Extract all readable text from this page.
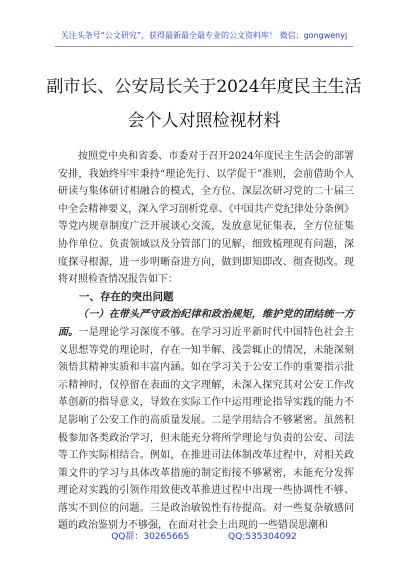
关注头条号“公文研究”，获得最新最全最专业的公文资料库！ 微信：gongwenyj
副市长、公安局长关于2024年度民主生活
会个人对照检视材料

按照党中央和省委、市委对于召开2024年度民主生活会的部署安排，我始终牢牢秉持“理论先行、以学促干”准则，会前借助个人研读与集体研讨相融合的模式，全方位、深层次研习党的二十届三中全会精神要义，深入学习剖析党章、《中国共产党纪律处分条例》等党内规章制度广泛开展谈心交流，发放意见征集表，全方位征集协作单位、负责领域以及分管部门的见解，细致梳理现有问题，深度探寻根源，进一步明晰奋进方向，做到即知即改、彻查彻改。现将对照检查情况报告如下：

一、存在的突出问题

（一）在带头严守政治纪律和政治规矩，维护党的团结统一方面。一是理论学习深度不够。在学习习近平新时代中国特色社会主义思想等党的理论时，存在一知半解、浅尝辄止的情况，未能深刻领悟其精神实质和丰富内涵。如在学习关于公安工作的重要指示批示精神时，仅停留在表面的文字理解，未深入探究其对公安工作改革创新的指导意义，导致在实际工作中运用理论指导实践的能力不足影响了公安工作的高质量发展。二是学用结合不够紧密。虽然积极参加各类政治学习，但未能充分将所学理论与负责的公安、司法等工作实际相结合。例如，在推进司法体制改革过程中，对相关政策文件的学习与具体改革措施的制定衔接不够紧密，未能充分发挥理论对实践的引领作用致使改革推进过程中出现一些协调性不够、落实不到位的问题。三是政治敏锐性有待提高。对一些复杂敏感问题的政治鉴别力不够强，在面对社会上出现的一些错误思潮和

QQ群：30265665	QQ:535304092
